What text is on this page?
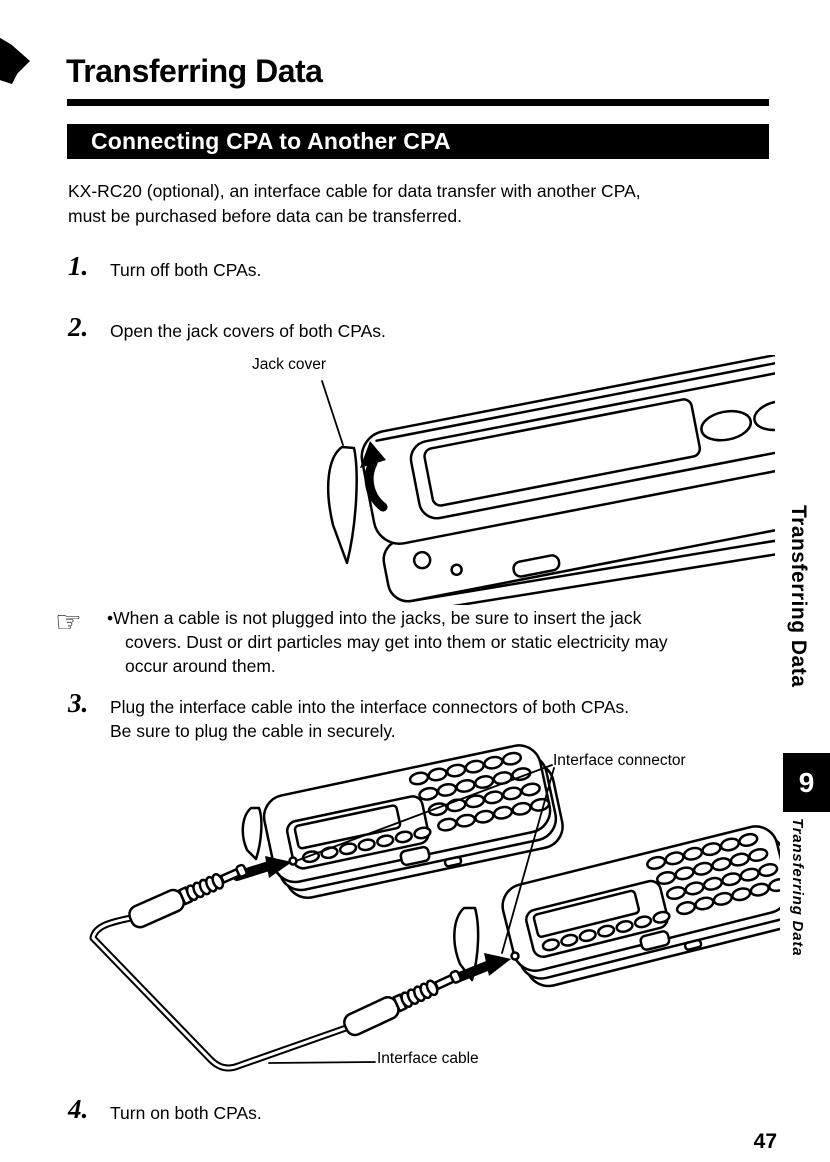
Transferring Data
Connecting CPA to Another CPA
KX-RC20 (optional), an interface cable for data transfer with another CPA,
must be purchased before data can be transferred.
1.	Turn off both CPAs.
2.	Open the jack covers of both CPAs.
Jack cover
☞	•When a cable is not plugged into the jacks, be sure to insert the jack
covers. Dust or dirt particles may get into them or static electricity may
occur around them.
3.	Plug the interface cable into the interface connectors of both CPAs.
Be sure to plug the cable in securely.
Interface connector
Interface cable
4.	Turn on both CPAs.
Transferring Data
9
Transferring Data
47
